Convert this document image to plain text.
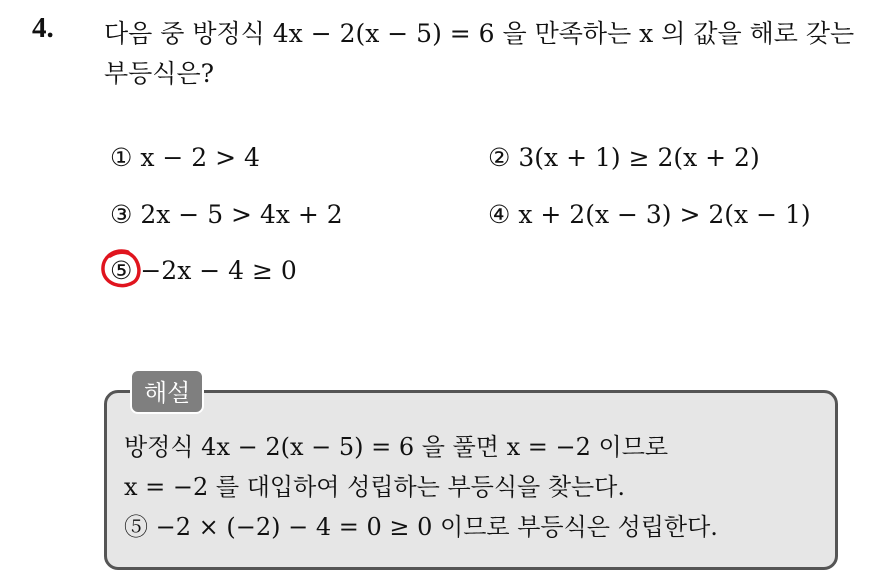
4. 다음 중 방정식 4x − 2(x − 5) = 6 을 만족하는 x 의 값을 해로 갖는
부등식은?
① x − 2 > 4	② 3(x + 1) ≥ 2(x + 2)
③ 2x − 5 > 4x + 2	④ x + 2(x − 3) > 2(x − 1)
⑤ −2x − 4 ≥ 0
해설
방정식 4x − 2(x − 5) = 6 을 풀면 x = −2 이므로
x = −2 를 대입하여 성립하는 부등식을 찾는다.
⑤ −2 × (−2) − 4 = 0 ≥ 0 이므로 부등식은 성립한다.
